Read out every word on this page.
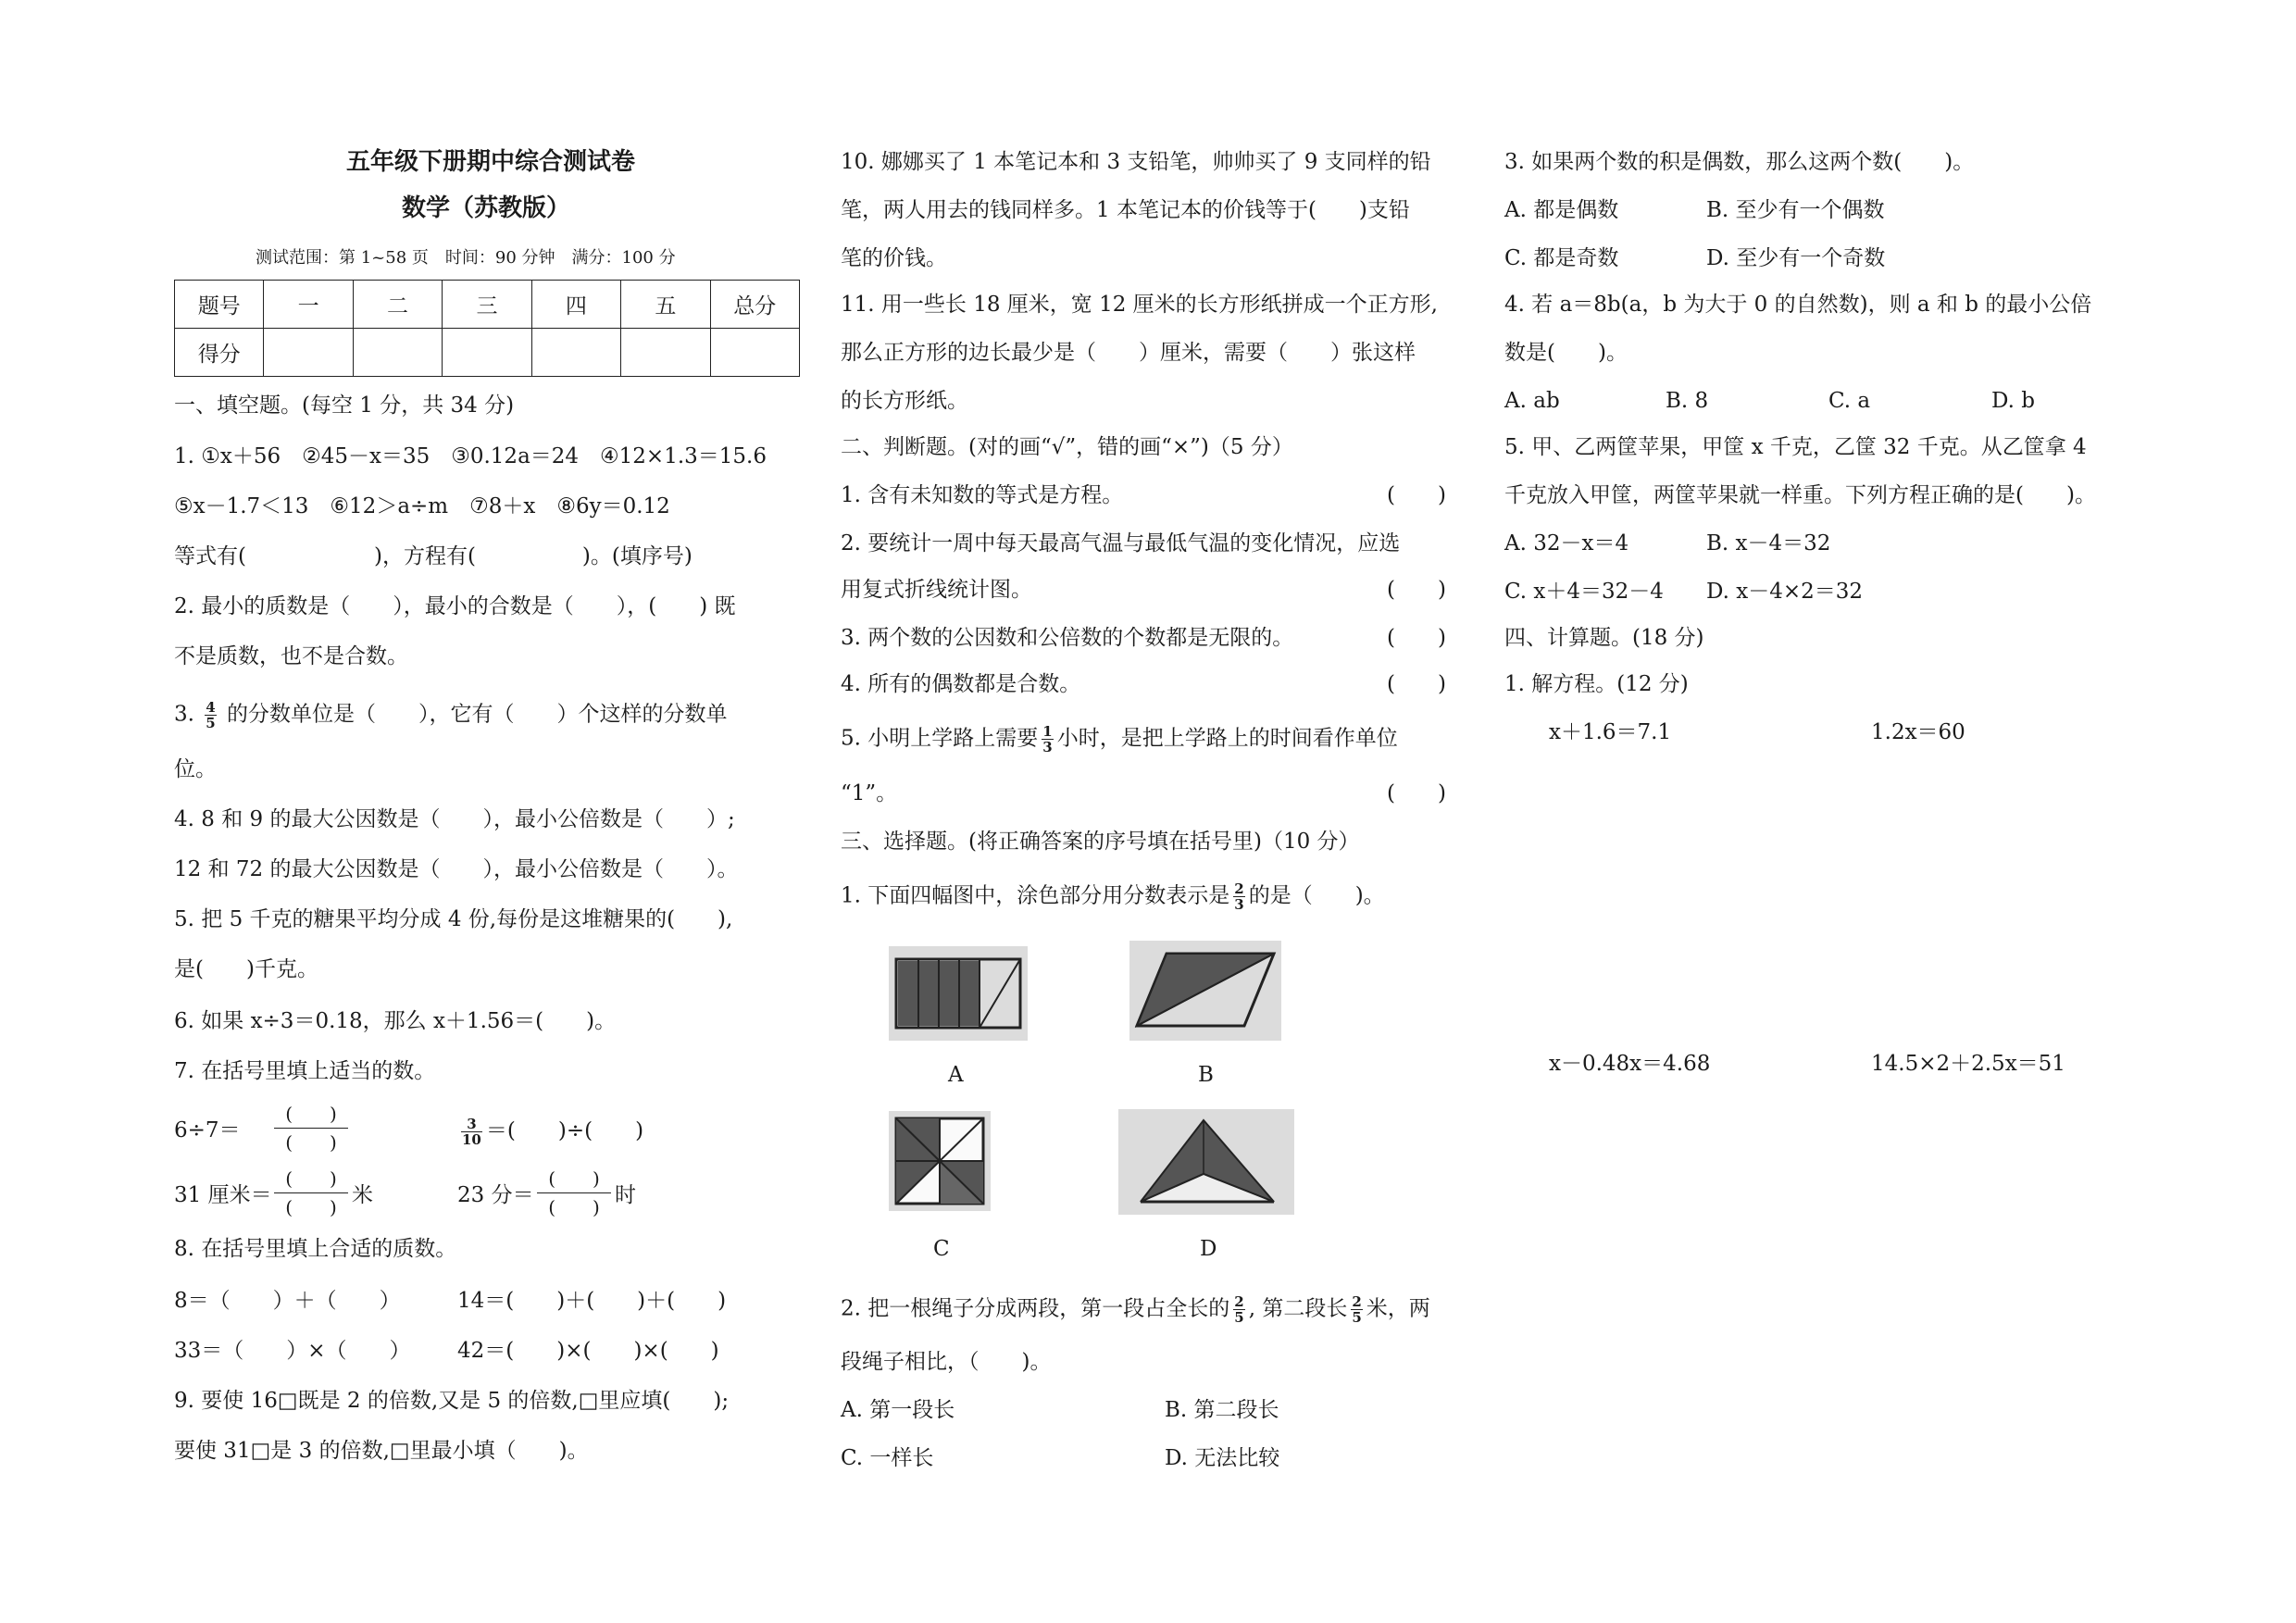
五年级下册期中综合测试卷
数学（苏教版）
测试范围：第 1~58 页　时间：90 分钟　满分：100 分
题号	一	二	三	四	五	总分
得分						
一、填空题。(每空 1 分，共 34 分)
1. ①x＋56　②45－x＝35　③0.12a＝24　④12×1.3＝15.6
⑤x－1.7＜13　⑥12＞a÷m　⑦8＋x　⑧6y＝0.12
等式有(　　　　　　)，方程有(　　　　　)。(填序号)
2. 最小的质数是（　　），最小的合数是（　　），(　　) 既
不是质数，也不是合数。
3. $\frac{4}{5}$ 的分数单位是（　　），它有（　　）个这样的分数单
位。
4. 8 和 9 的最大公因数是（　　），最小公倍数是（　　）;
12 和 72 的最大公因数是（　　），最小公倍数是（　　）。
5. 把 5 千克的糖果平均分成 4 份,每份是这堆糖果的(　　),
是(　　)千克。
6. 如果 x÷3＝0.18，那么 x＋1.56＝(　　)。
7. 在括号里填上适当的数。
6÷7＝
(　　)
(　　)	$\frac{3}{10}$ ＝(　　)÷(　　)
31 厘米＝
(　　)
(　　) 米	23 分＝
(　　)
(　　) 时
8. 在括号里填上合适的质数。
8＝（　　）＋（　　）	14＝(　　)＋(　　)＋(　　)
33＝（　　）×（　　） 42＝(　　)×(　　)×(　　)
9. 要使 16□既是 2 的倍数,又是 5 的倍数,□里应填(　　);
要使 31□是 3 的倍数,□里最小填（　　)。
10. 娜娜买了 1 本笔记本和 3 支铅笔，帅帅买了 9 支同样的铅
笔，两人用去的钱同样多。1 本笔记本的价钱等于(　　)支铅
笔的价钱。
11. 用一些长 18 厘米，宽 12 厘米的长方形纸拼成一个正方形,
那么正方形的边长最少是（　　）厘米，需要（　　）张这样
的长方形纸。
二、判断题。(对的画“√”，错的画“×”)（5 分）
1. 含有未知数的等式是方程。	(　　)
2. 要统计一周中每天最高气温与最低气温的变化情况，应选
用复式折线统计图。	(　　)
3. 两个数的公因数和公倍数的个数都是无限的。	(　　)
4. 所有的偶数都是合数。	(　　)
5. 小明上学路上需要 $\frac{1}{3}$ 小时，是把上学路上的时间看作单位
“1”。	(　　)
三、选择题。(将正确答案的序号填在括号里)（10 分）
1. 下面四幅图中，涂色部分用分数表示是 $\frac{2}{3}$ 的是（　　)。
A	B
C	D
2. 把一根绳子分成两段，第一段占全长的 $\frac{2}{5}$ , 第二段长 $\frac{2}{5}$ 米，两
段绳子相比，（　　)。
A. 第一段长	B. 第二段长
C. 一样长	D. 无法比较
3. 如果两个数的积是偶数，那么这两个数(　　)。
A. 都是偶数	B. 至少有一个偶数
C. 都是奇数	D. 至少有一个奇数
4. 若 a＝8b(a，b 为大于 0 的自然数)，则 a 和 b 的最小公倍
数是(　　)。
A. ab	B. 8	C. a	D. b
5. 甲、乙两筐苹果，甲筐 x 千克，乙筐 32 千克。从乙筐拿 4
千克放入甲筐，两筐苹果就一样重。下列方程正确的是(　　)。
A. 32－x＝4	B. x－4＝32
C. x＋4＝32－4 D. x－4×2＝32
四、计算题。(18 分)
1. 解方程。(12 分)
x＋1.6＝7.1	1.2x＝60
x－0.48x＝4.68	14.5×2＋2.5x＝51
